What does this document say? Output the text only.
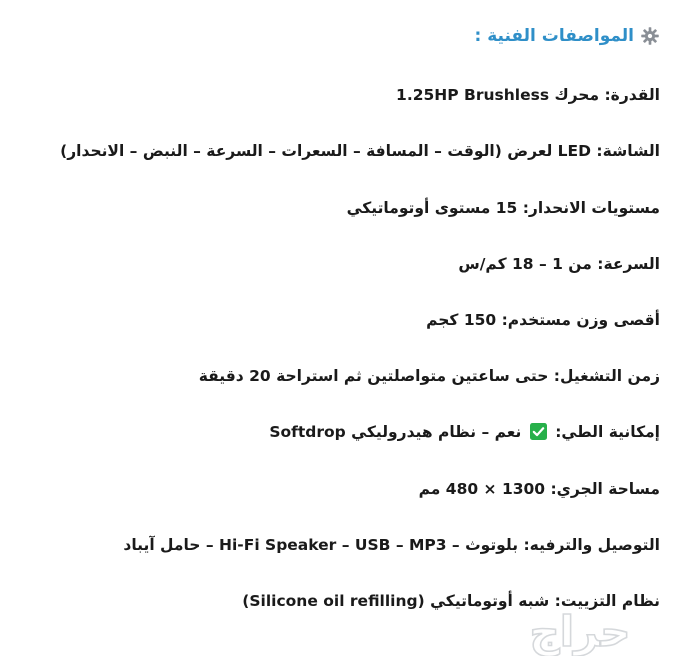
المواصفات الفنية :
القدرة: محرك 1.25HP Brushless
الشاشة: LED لعرض (الوقت – المسافة – السعرات – السرعة – النبض – الانحدار)
مستويات الانحدار: 15 مستوى أوتوماتيكي
السرعة: من 1 – 18 كم/س
أقصى وزن مستخدم: 150 كجم
زمن التشغيل: حتى ساعتين متواصلتين ثم استراحة 20 دقيقة
إمكانية الطي:  نعم – نظام هيدروليكي Softdrop
مساحة الجري: 1300 × 480 مم
التوصيل والترفيه: بلوتوث – Hi-Fi Speaker – USB – MP3 – حامل آيباد
نظام التزييت: شبه أوتوماتيكي (Silicone oil refilling)
حراج
